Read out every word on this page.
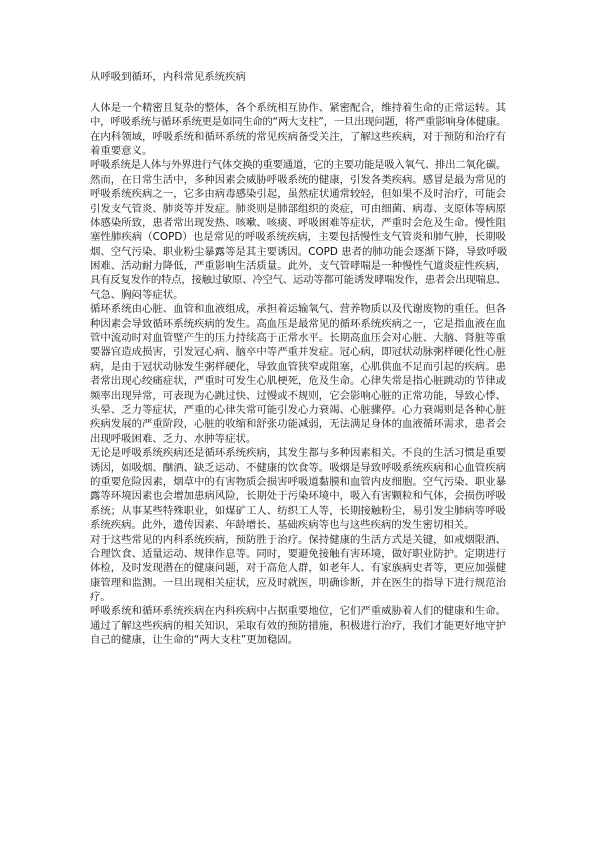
从呼吸到循环，内科常见系统疾病
人体是一个精密且复杂的整体，各个系统相互协作、紧密配合，维持着生命的正常运转。其
中，呼吸系统与循环系统更是如同生命的“两大支柱”，一旦出现问题，将严重影响身体健康。
在内科领域，呼吸系统和循环系统的常见疾病备受关注，了解这些疾病，对于预防和治疗有
着重要意义。
呼吸系统是人体与外界进行气体交换的重要通道，它的主要功能是吸入氧气、排出二氧化碳。
然而，在日常生活中，多种因素会威胁呼吸系统的健康，引发各类疾病。感冒是最为常见的
呼吸系统疾病之一，它多由病毒感染引起，虽然症状通常较轻，但如果不及时治疗，可能会
引发支气管炎、肺炎等并发症。肺炎则是肺部组织的炎症，可由细菌、病毒、支原体等病原
体感染所致，患者常出现发热、咳嗽、咳痰、呼吸困难等症状，严重时会危及生命。慢性阻
塞性肺疾病（COPD）也是常见的呼吸系统疾病，主要包括慢性支气管炎和肺气肿，长期吸
烟、空气污染、职业粉尘暴露等是其主要诱因。COPD 患者的肺功能会逐渐下降，导致呼吸
困难、活动耐力降低，严重影响生活质量。此外，支气管哮喘是一种慢性气道炎症性疾病，
具有反复发作的特点，接触过敏原、冷空气、运动等都可能诱发哮喘发作，患者会出现喘息、
气急、胸闷等症状。
循环系统由心脏、血管和血液组成，承担着运输氧气、营养物质以及代谢废物的重任。但各
种因素会导致循环系统疾病的发生。高血压是最常见的循环系统疾病之一，它是指血液在血
管中流动时对血管壁产生的压力持续高于正常水平。长期高血压会对心脏、大脑、肾脏等重
要器官造成损害，引发冠心病、脑卒中等严重并发症。冠心病，即冠状动脉粥样硬化性心脏
病，是由于冠状动脉发生粥样硬化，导致血管狭窄或阻塞，心肌供血不足而引起的疾病。患
者常出现心绞痛症状，严重时可发生心肌梗死，危及生命。心律失常是指心脏跳动的节律或
频率出现异常，可表现为心跳过快、过慢或不规则，它会影响心脏的正常功能，导致心悸、
头晕、乏力等症状，严重的心律失常可能引发心力衰竭、心脏骤停。心力衰竭则是各种心脏
疾病发展的严重阶段，心脏的收缩和舒张功能减弱，无法满足身体的血液循环需求，患者会
出现呼吸困难、乏力、水肿等症状。
无论是呼吸系统疾病还是循环系统疾病，其发生都与多种因素相关。不良的生活习惯是重要
诱因，如吸烟、酗酒、缺乏运动、不健康的饮食等。吸烟是导致呼吸系统疾病和心血管疾病
的重要危险因素，烟草中的有害物质会损害呼吸道黏膜和血管内皮细胞。空气污染、职业暴
露等环境因素也会增加患病风险，长期处于污染环境中，吸入有害颗粒和气体，会损伤呼吸
系统；从事某些特殊职业，如煤矿工人、纺织工人等，长期接触粉尘，易引发尘肺病等呼吸
系统疾病。此外，遗传因素、年龄增长、基础疾病等也与这些疾病的发生密切相关。
对于这些常见的内科系统疾病，预防胜于治疗。保持健康的生活方式是关键，如戒烟限酒、
合理饮食、适量运动、规律作息等。同时，要避免接触有害环境，做好职业防护。定期进行
体检，及时发现潜在的健康问题，对于高危人群，如老年人、有家族病史者等，更应加强健
康管理和监测。一旦出现相关症状，应及时就医，明确诊断，并在医生的指导下进行规范治
疗。
呼吸系统和循环系统疾病在内科疾病中占据重要地位，它们严重威胁着人们的健康和生命。
通过了解这些疾病的相关知识，采取有效的预防措施，积极进行治疗，我们才能更好地守护
自己的健康，让生命的“两大支柱”更加稳固。
